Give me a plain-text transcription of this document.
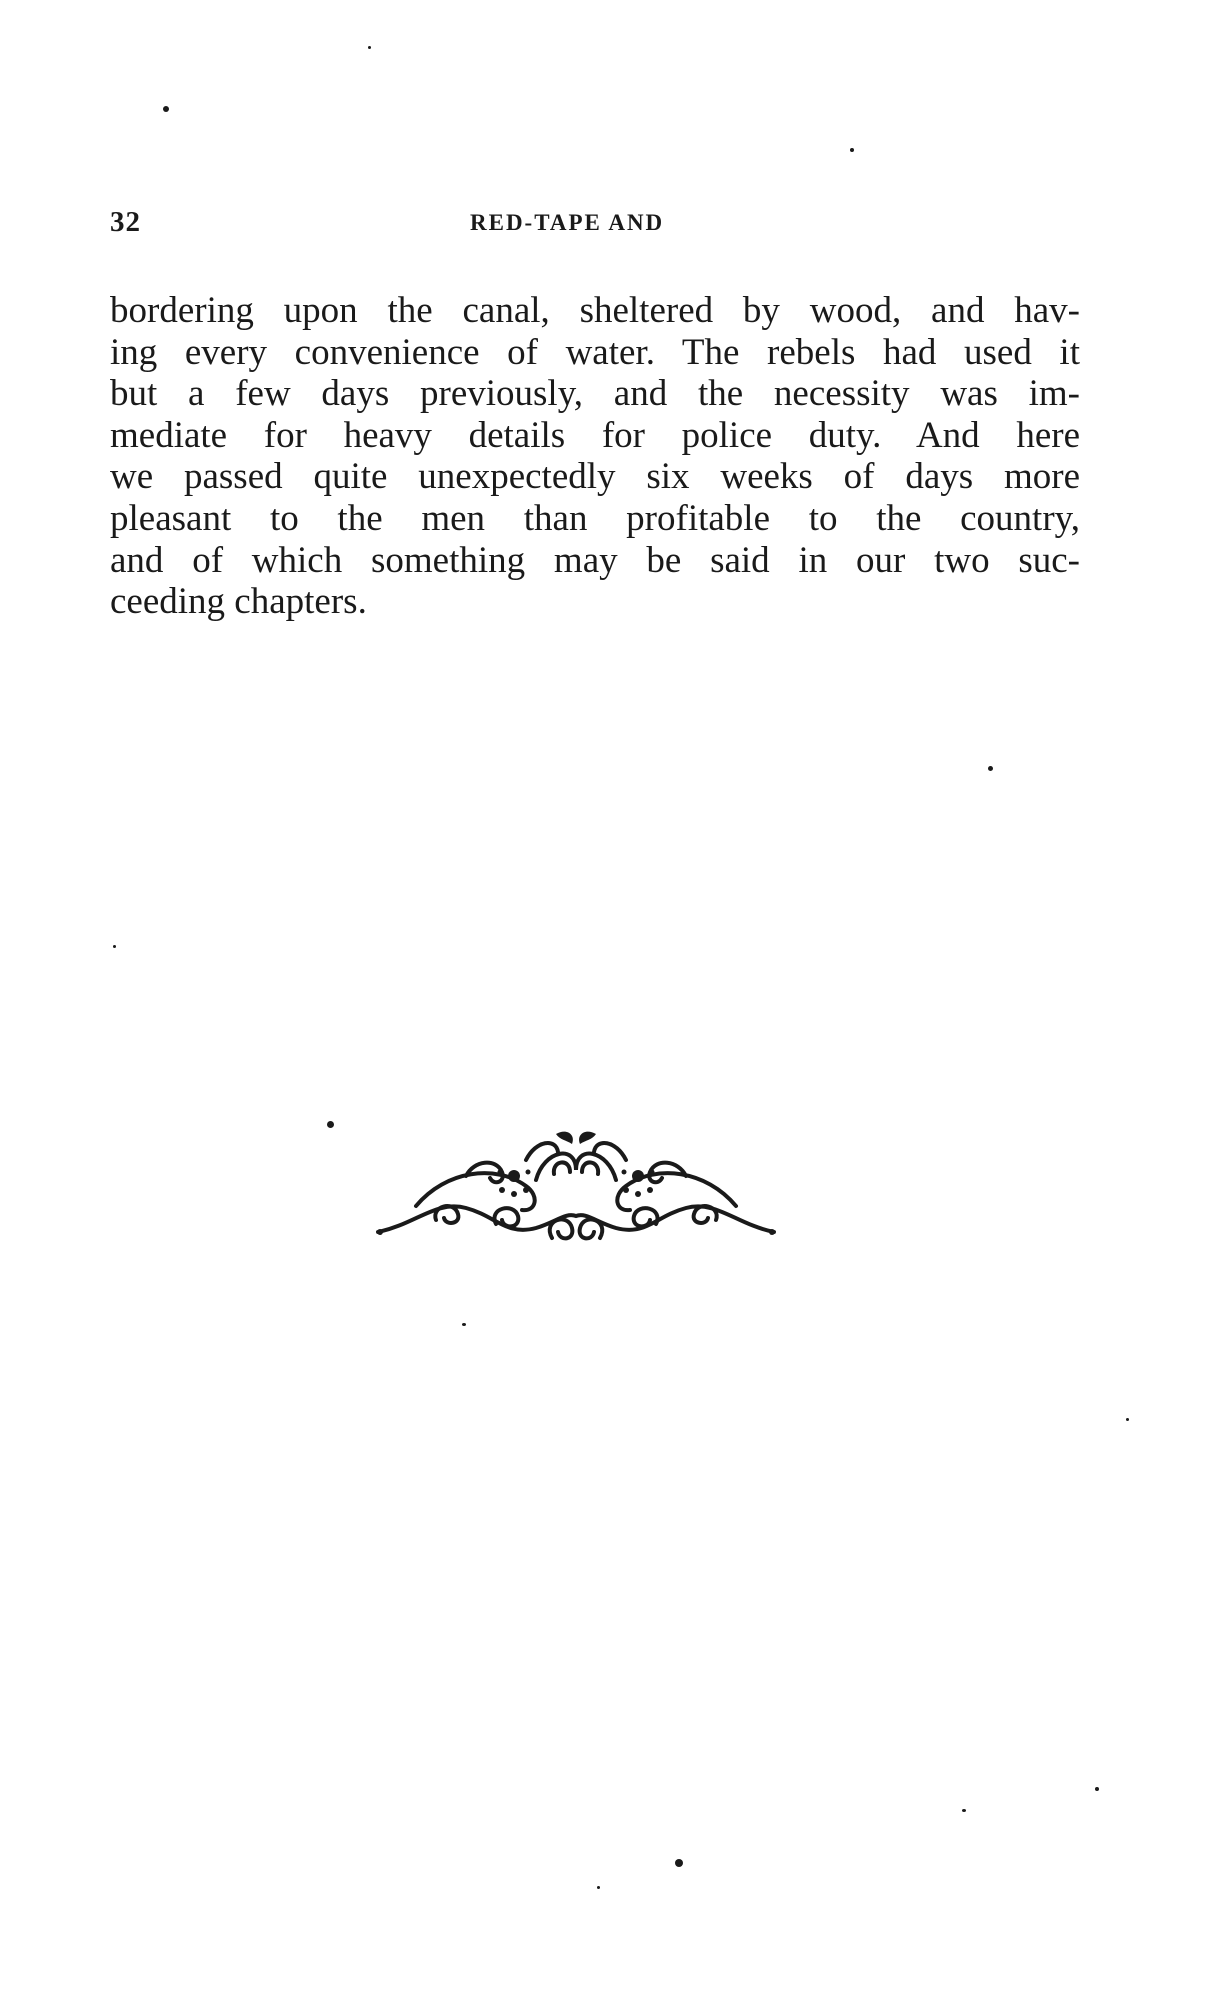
32	RED-TAPE AND
bordering upon the canal, sheltered by wood, and hav-
ing every convenience of water. The rebels had used it
but a few days previously, and the necessity was im-
mediate for heavy details for police duty. And here
we passed quite unexpectedly six weeks of days more
pleasant to the men than profitable to the country,
and of which something may be said in our two suc-
ceeding chapters.
